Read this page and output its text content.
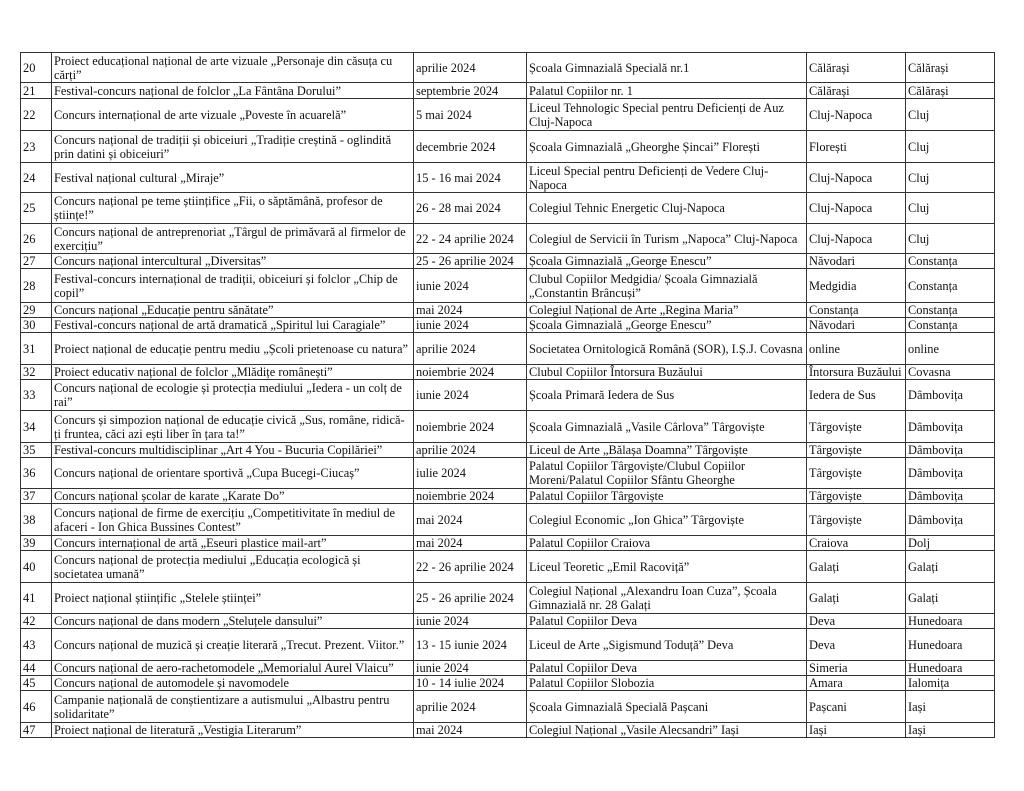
20	Proiect educațional național de arte vizuale „Personaje din căsuța cu cărți”	aprilie 2024	Școala Gimnazială Specială nr.1	Călărași	Călărași
21	Festival-concurs național de folclor „La Fântâna Dorului”	septembrie 2024	Palatul Copiilor nr. 1	Călărași	Călărași
22	Concurs internațional de arte vizuale „Poveste în acuarelă”	5 mai 2024	Liceul Tehnologic Special pentru Deficienți de Auz Cluj-Napoca	Cluj-Napoca	Cluj
23	Concurs național de tradiții și obiceiuri „Tradiție creștină - oglindită prin datini și obiceiuri”	decembrie 2024	Școala Gimnazială „Gheorghe Șincai” Florești	Florești	Cluj
24	Festival național cultural „Miraje”	15 - 16 mai 2024	Liceul Special pentru Deficienți de Vedere Cluj-Napoca	Cluj-Napoca	Cluj
25	Concurs național pe teme științifice „Fii, o săptămână, profesor de științe!”	26 - 28 mai 2024	Colegiul Tehnic Energetic Cluj-Napoca	Cluj-Napoca	Cluj
26	Concurs național de antreprenoriat „Târgul de primăvară al firmelor de exercițiu”	22 - 24 aprilie 2024	Colegiul de Servicii în Turism „Napoca” Cluj-Napoca	Cluj-Napoca	Cluj
27	Concurs național intercultural „Diversitas”	25 - 26 aprilie 2024	Școala Gimnazială „George Enescu”	Năvodari	Constanța
28	Festival-concurs internațional de tradiții, obiceiuri și folclor „Chip de copil”	iunie 2024	Clubul Copiilor Medgidia/ Școala Gimnazială „Constantin Brâncuși”	Medgidia	Constanța
29	Concurs național „Educație pentru sănătate”	mai 2024	Colegiul Național de Arte „Regina Maria”	Constanța	Constanța
30	Festival-concurs național de artă dramatică „Spiritul lui Caragiale”	iunie 2024	Școala Gimnazială „George Enescu”	Năvodari	Constanța
31	Proiect național de educație pentru mediu „Școli prietenoase cu natura”	aprilie 2024	Societatea Ornitologică Română (SOR), I.Ș.J. Covasna	online	online
32	Proiect educativ național de folclor „Mlădițe românești”	noiembrie 2024	Clubul Copiilor Întorsura Buzăului	Întorsura Buzăului	Covasna
33	Concurs național de ecologie și protecția mediului „Iedera - un colț de rai”	iunie 2024	Școala Primară Iedera de Sus	Iedera de Sus	Dâmbovița
34	Concurs și simpozion național de educație civică „Sus, române, ridică-ți fruntea, căci azi ești liber în țara ta!”	noiembrie 2024	Școala Gimnazială „Vasile Cârlova” Târgoviște	Târgoviște	Dâmbovița
35	Festival-concurs multidisciplinar „Art 4 You - Bucuria Copilăriei”	aprilie 2024	Liceul de Arte „Bălașa Doamna” Târgoviște	Târgoviște	Dâmbovița
36	Concurs național de orientare sportivă „Cupa Bucegi-Ciucaș”	iulie 2024	Palatul Copiilor Târgoviște/Clubul Copiilor Moreni/Palatul Copiilor Sfântu Gheorghe	Târgoviște	Dâmbovița
37	Concurs național școlar de karate „Karate Do”	noiembrie 2024	Palatul Copiilor Târgoviște	Târgoviște	Dâmbovița
38	Concurs național de firme de exercițiu „Competitivitate în mediul de afaceri - Ion Ghica Bussines Contest”	mai 2024	Colegiul Economic „Ion Ghica” Târgoviște	Târgoviște	Dâmbovița
39	Concurs internațional de artă „Eseuri plastice mail-art”	mai 2024	Palatul Copiilor Craiova	Craiova	Dolj
40	Concurs național de protecția mediului „Educația ecologică și societatea umană”	22 - 26 aprilie 2024	Liceul Teoretic „Emil Racoviță”	Galați	Galați
41	Proiect național științific „Stelele științei”	25 - 26 aprilie 2024	Colegiul Național „Alexandru Ioan Cuza”, Școala Gimnazială nr. 28 Galați	Galați	Galați
42	Concurs național de dans modern „Steluțele dansului”	iunie 2024	Palatul Copiilor Deva	Deva	Hunedoara
43	Concurs național de muzică și creație literară „Trecut. Prezent. Viitor.”	13 - 15 iunie 2024	Liceul de Arte „Sigismund Toduță” Deva	Deva	Hunedoara
44	Concurs național de aero-rachetomodele „Memorialul Aurel Vlaicu”	iunie 2024	Palatul Copiilor Deva	Simeria	Hunedoara
45	Concurs național de automodele și navomodele	10 - 14 iulie 2024	Palatul Copiilor Slobozia	Amara	Ialomița
46	Campanie națională de conștientizare a autismului „Albastru pentru solidaritate”	aprilie 2024	Școala Gimnazială Specială Pașcani	Pașcani	Iași
47	Proiect național de literatură „Vestigia Literarum”	mai 2024	Colegiul Național „Vasile Alecsandri” Iași	Iași	Iași
